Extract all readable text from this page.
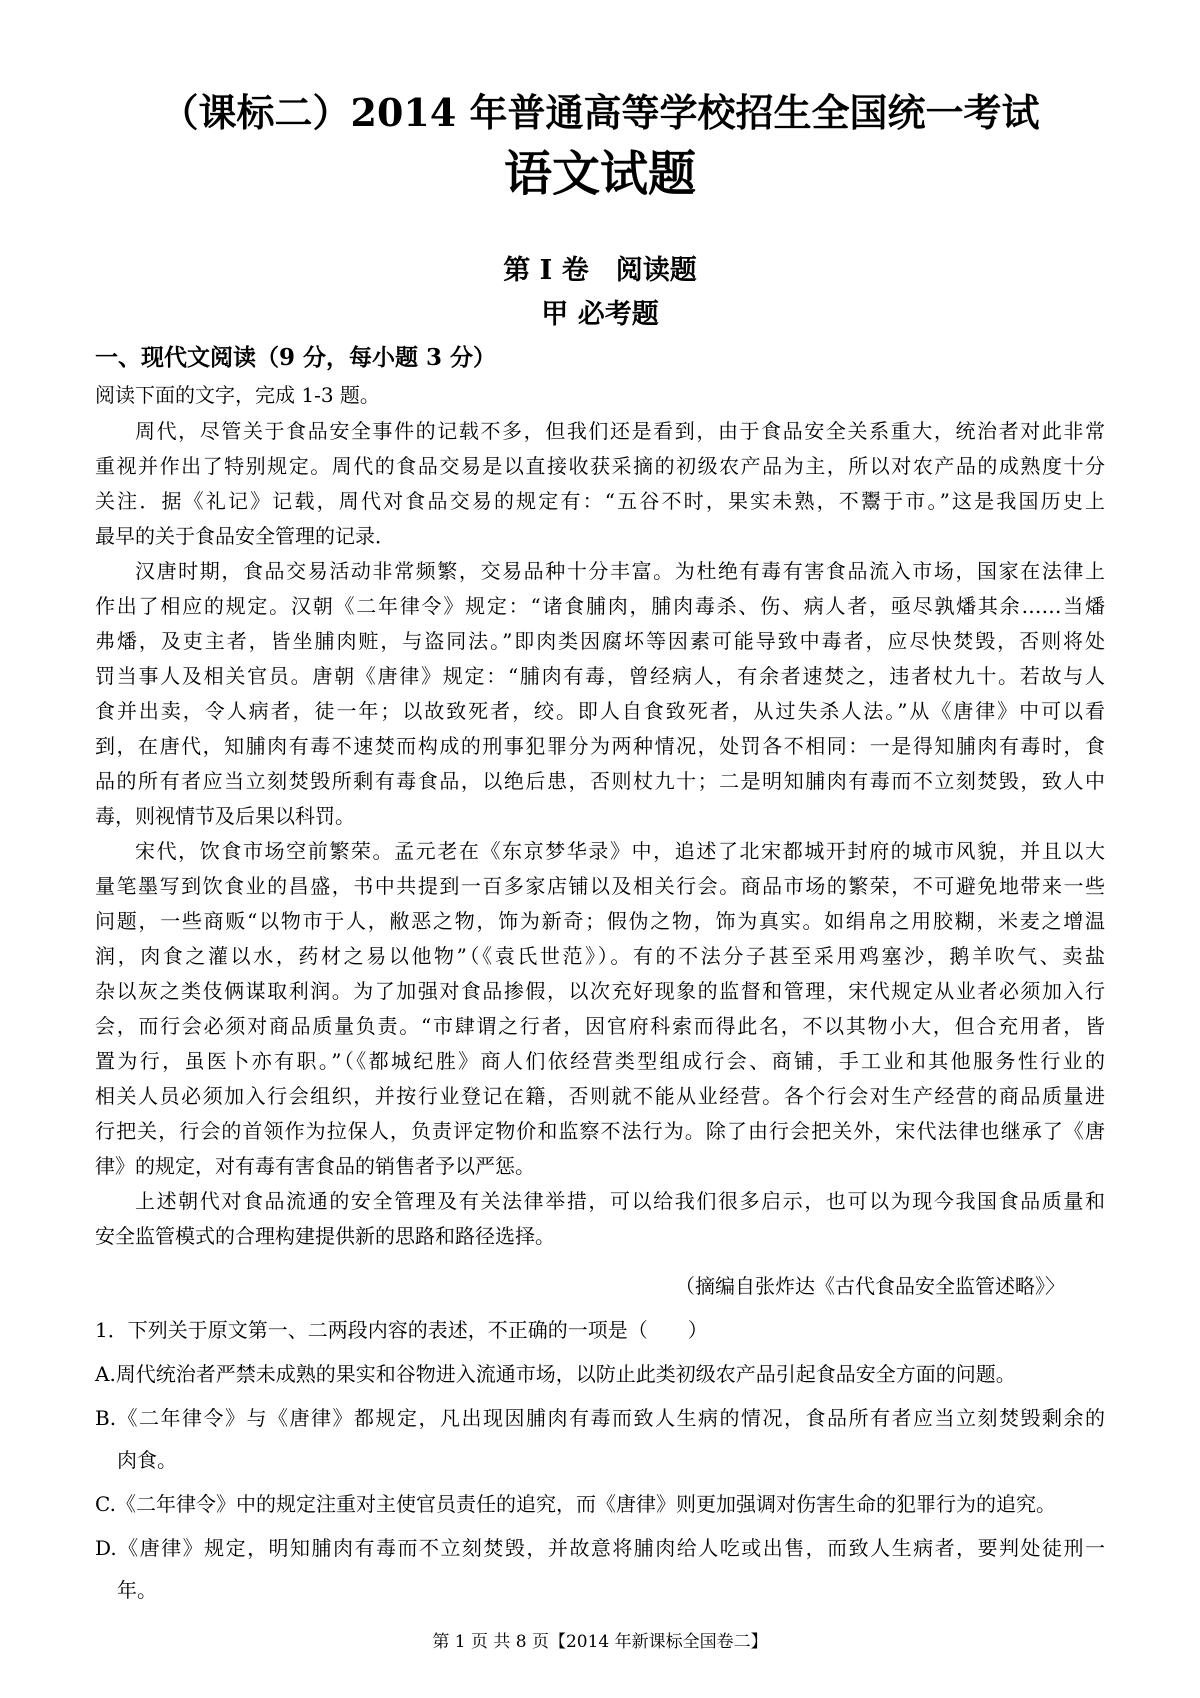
（课标二）2014 年普通高等学校招生全国统一考试
语文试题
第 I 卷　阅读题
甲 必考题
一、现代文阅读（9 分，每小题 3 分）
阅读下面的文字，完成 1-3 题。
周代，尽管关于食品安全事件的记载不多，但我们还是看到，由于食品安全关系重大，统治者对此非常
重视并作出了特别规定。周代的食品交易是以直接收获采摘的初级农产品为主，所以对农产品的成熟度十分
关注．据《礼记》记载，周代对食品交易的规定有：“五谷不时，果实未熟，不鬻于市。”这是我国历史上
最早的关于食品安全管理的记录．
汉唐时期，食品交易活动非常频繁，交易品种十分丰富。为杜绝有毒有害食品流入市场，国家在法律上
作出了相应的规定。汉朝《二年律令》规定：“诸食脯肉，脯肉毒杀、伤、病人者，亟尽孰燔其余……当燔
弗燔，及吏主者，皆坐脯肉赃，与盗同法。”即肉类因腐坏等因素可能导致中毒者，应尽快焚毁，否则将处
罚当事人及相关官员。唐朝《唐律》规定：“脯肉有毒，曾经病人，有余者速焚之，违者杖九十。若故与人
食并出卖，令人病者，徒一年；以故致死者，绞。即人自食致死者，从过失杀人法。”从《唐律》中可以看
到，在唐代，知脯肉有毒不速焚而构成的刑事犯罪分为两种情况，处罚各不相同：一是得知脯肉有毒时，食
品的所有者应当立刻焚毁所剩有毒食品，以绝后患，否则杖九十；二是明知脯肉有毒而不立刻焚毁，致人中
毒，则视情节及后果以科罚。
宋代，饮食市场空前繁荣。孟元老在《东京梦华录》中，追述了北宋都城开封府的城市风貌，并且以大
量笔墨写到饮食业的昌盛，书中共提到一百多家店铺以及相关行会。商品市场的繁荣，不可避免地带来一些
问题，一些商贩“以物市于人，敝恶之物，饰为新奇；假伪之物，饰为真实。如绢帛之用胶糊，米麦之增温
润，肉食之灌以水，药材之易以他物”（《袁氏世范》）。有的不法分子甚至采用鸡塞沙，鹅羊吹气、卖盐
杂以灰之类伎俩谋取利润。为了加强对食品掺假，以次充好现象的监督和管理，宋代规定从业者必须加入行
会，而行会必须对商品质量负责。“市肆谓之行者，因官府科索而得此名，不以其物小大，但合充用者，皆
置为行，虽医卜亦有职。”（《都城纪胜》商人们依经营类型组成行会、商铺，手工业和其他服务性行业的
相关人员必须加入行会组织，并按行业登记在籍，否则就不能从业经营。各个行会对生产经营的商品质量进
行把关，行会的首领作为拉保人，负责评定物价和监察不法行为。除了由行会把关外，宋代法律也继承了《唐
律》的规定，对有毒有害食品的销售者予以严惩。
上述朝代对食品流通的安全管理及有关法律举措，可以给我们很多启示，也可以为现今我国食品质量和
安全监管模式的合理构建提供新的思路和路径选择。
（摘编自张炸达《古代食品安全监管述略》〉
1．下列关于原文第一、二两段内容的表述，不正确的一项是（　　）
A.周代统治者严禁未成熟的果实和谷物进入流通市场，以防止此类初级农产品引起食品安全方面的问题。
B.《二年律令》与《唐律》都规定，凡出现因脯肉有毒而致人生病的情况，食品所有者应当立刻焚毁剩余的
肉食。
C.《二年律令》中的规定注重对主使官员责任的追究，而《唐律》则更加强调对伤害生命的犯罪行为的追究。
D.《唐律》规定，明知脯肉有毒而不立刻焚毁，并故意将脯肉给人吃或出售，而致人生病者，要判处徒刑一
年。
第 1 页 共 8 页【2014 年新课标全国卷二】
